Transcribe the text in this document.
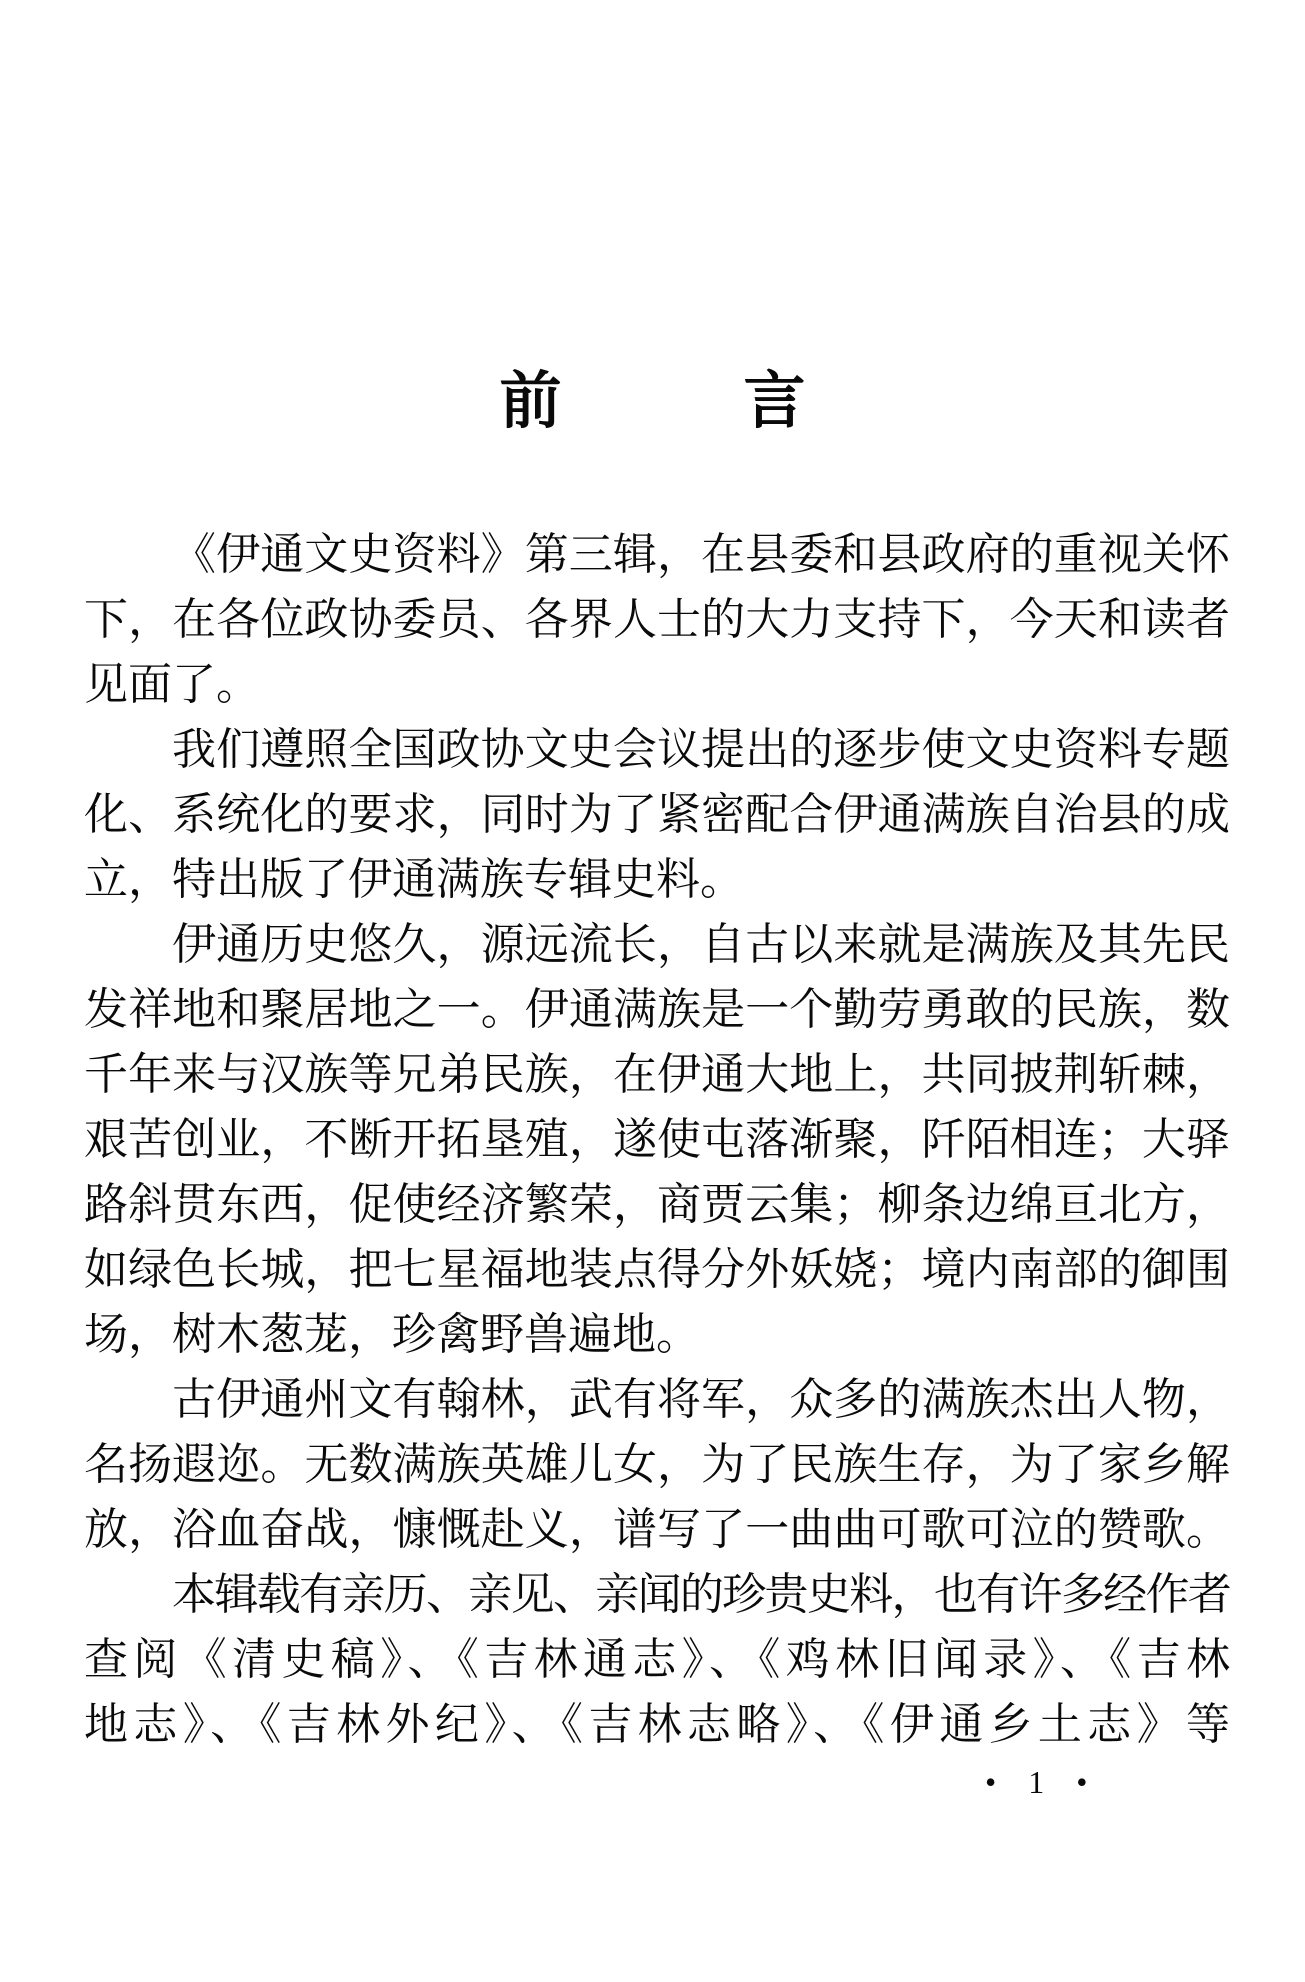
前	言
《伊通文史资料》第三辑，在县委和县政府的重视关怀
下，在各位政协委员、各界人士的大力支持下，今天和读者
见面了。
我们遵照全国政协文史会议提出的逐步使文史资料专题
化、系统化的要求，同时为了紧密配合伊通满族自治县的成
立，特出版了伊通满族专辑史料。
伊通历史悠久，源远流长，自古以来就是满族及其先民
发祥地和聚居地之一。伊通满族是一个勤劳勇敢的民族，数
千年来与汉族等兄弟民族，在伊通大地上，共同披荆斩棘，
艰苦创业，不断开拓垦殖，遂使屯落渐聚，阡陌相连；大驿
路斜贯东西，促使经济繁荣，商贾云集；柳条边绵亘北方，
如绿色长城，把七星福地装点得分外妖娆；境内南部的御围
场，树木葱茏，珍禽野兽遍地。
古伊通州文有翰林，武有将军，众多的满族杰出人物，
名扬遐迩。无数满族英雄儿女，为了民族生存，为了家乡解
放，浴血奋战，慷慨赴义，谱写了一曲曲可歌可泣的赞歌。
本辑载有亲历、亲见、亲闻的珍贵史料，也有许多经作者
查阅《清史稿》、《吉林通志》、《鸡林旧闻录》、《吉林
地志》、《吉林外纪》、《吉林志略》、《伊通乡土志》等
• 1 •
